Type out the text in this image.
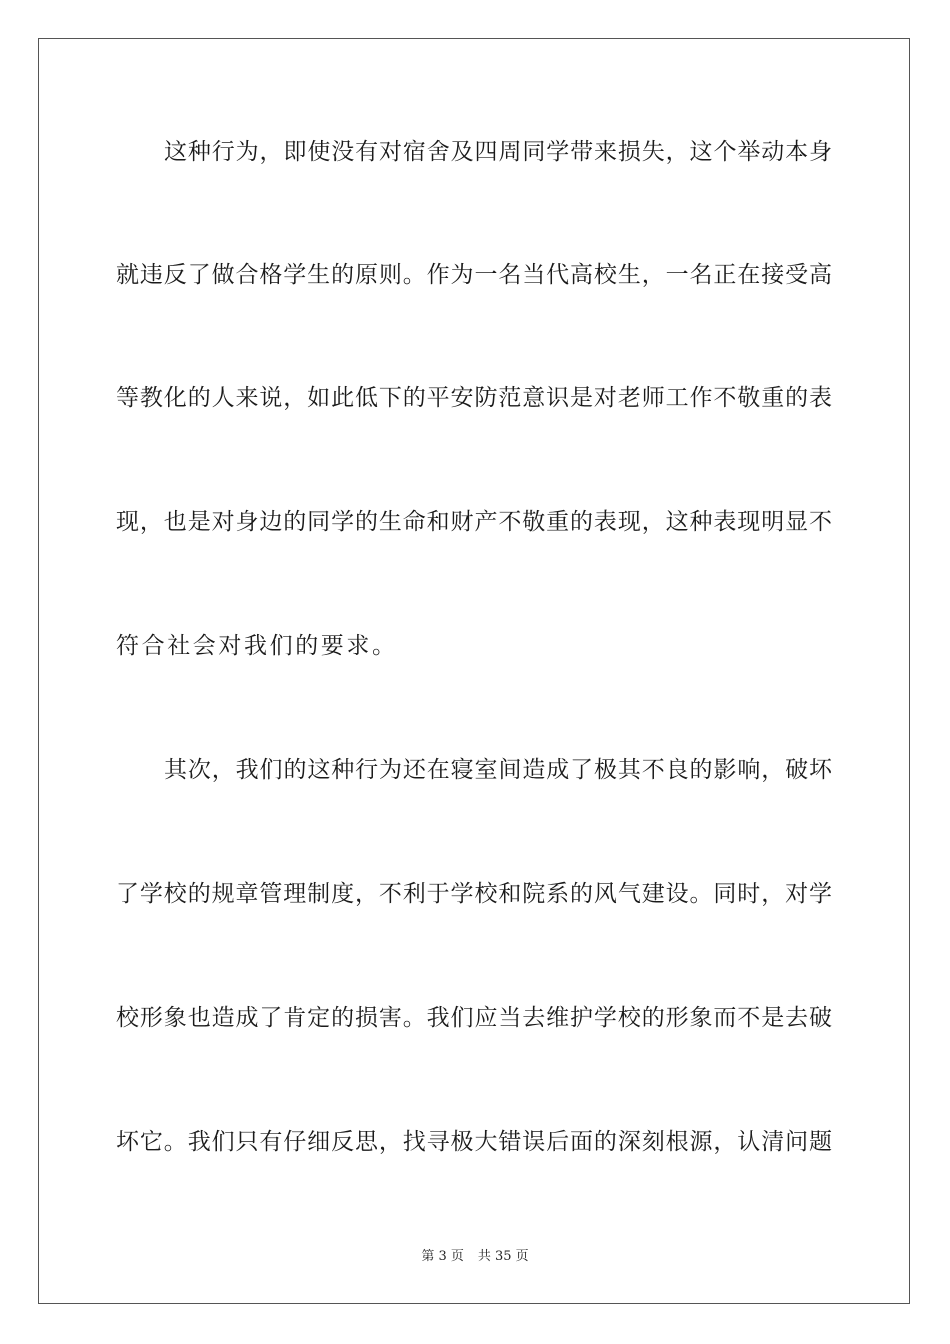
这种行为，即使没有对宿舍及四周同学带来损失，这个举动本身
就违反了做合格学生的原则。作为一名当代高校生，一名正在接受高
等教化的人来说，如此低下的平安防范意识是对老师工作不敬重的表
现，也是对身边的同学的生命和财产不敬重的表现，这种表现明显不
符合社会对我们的要求。
其次，我们的这种行为还在寝室间造成了极其不良的影响，破坏
了学校的规章管理制度，不利于学校和院系的风气建设。同时，对学
校形象也造成了肯定的损害。我们应当去维护学校的形象而不是去破
坏它。我们只有仔细反思，找寻极大错误后面的深刻根源，认清问题
第 3 页 共 35 页
